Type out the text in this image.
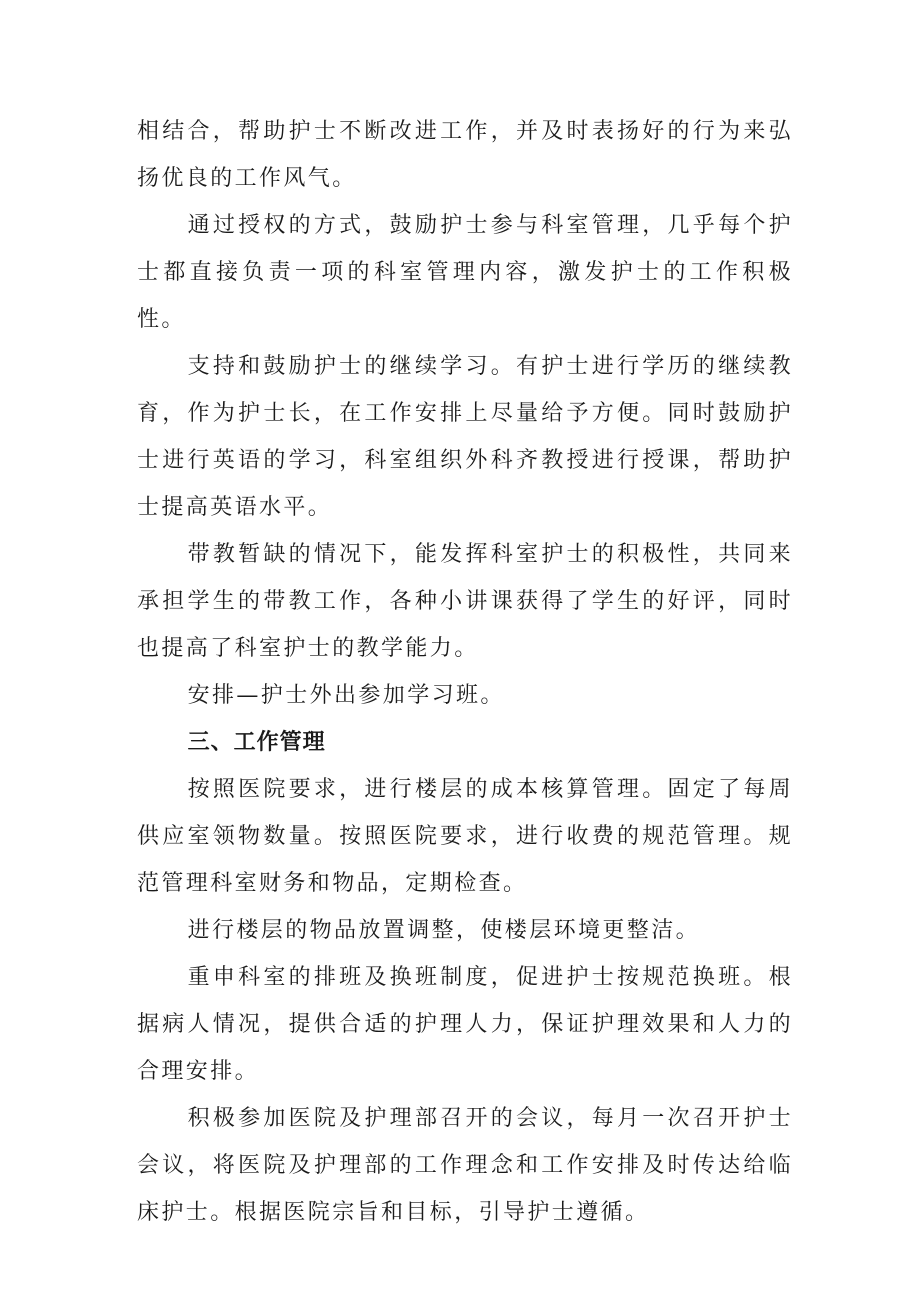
相结合，帮助护士不断改进工作，并及时表扬好的行为来弘扬优良的工作风气。

通过授权的方式，鼓励护士参与科室管理，几乎每个护士都直接负责一项的科室管理内容，激发护士的工作积极性。

支持和鼓励护士的继续学习。有护士进行学历的继续教育，作为护士长，在工作安排上尽量给予方便。同时鼓励护士进行英语的学习，科室组织外科齐教授进行授课，帮助护士提高英语水平。

带教暂缺的情况下，能发挥科室护士的积极性，共同来承担学生的带教工作，各种小讲课获得了学生的好评，同时也提高了科室护士的教学能力。

安排—护士外出参加学习班。

三、工作管理

按照医院要求，进行楼层的成本核算管理。固定了每周供应室领物数量。按照医院要求，进行收费的规范管理。规范管理科室财务和物品，定期检查。

进行楼层的物品放置调整，使楼层环境更整洁。

重申科室的排班及换班制度，促进护士按规范换班。根据病人情况，提供合适的护理人力，保证护理效果和人力的合理安排。

积极参加医院及护理部召开的会议，每月一次召开护士会议，将医院及护理部的工作理念和工作安排及时传达给临床护士。根据医院宗旨和目标，引导护士遵循。
